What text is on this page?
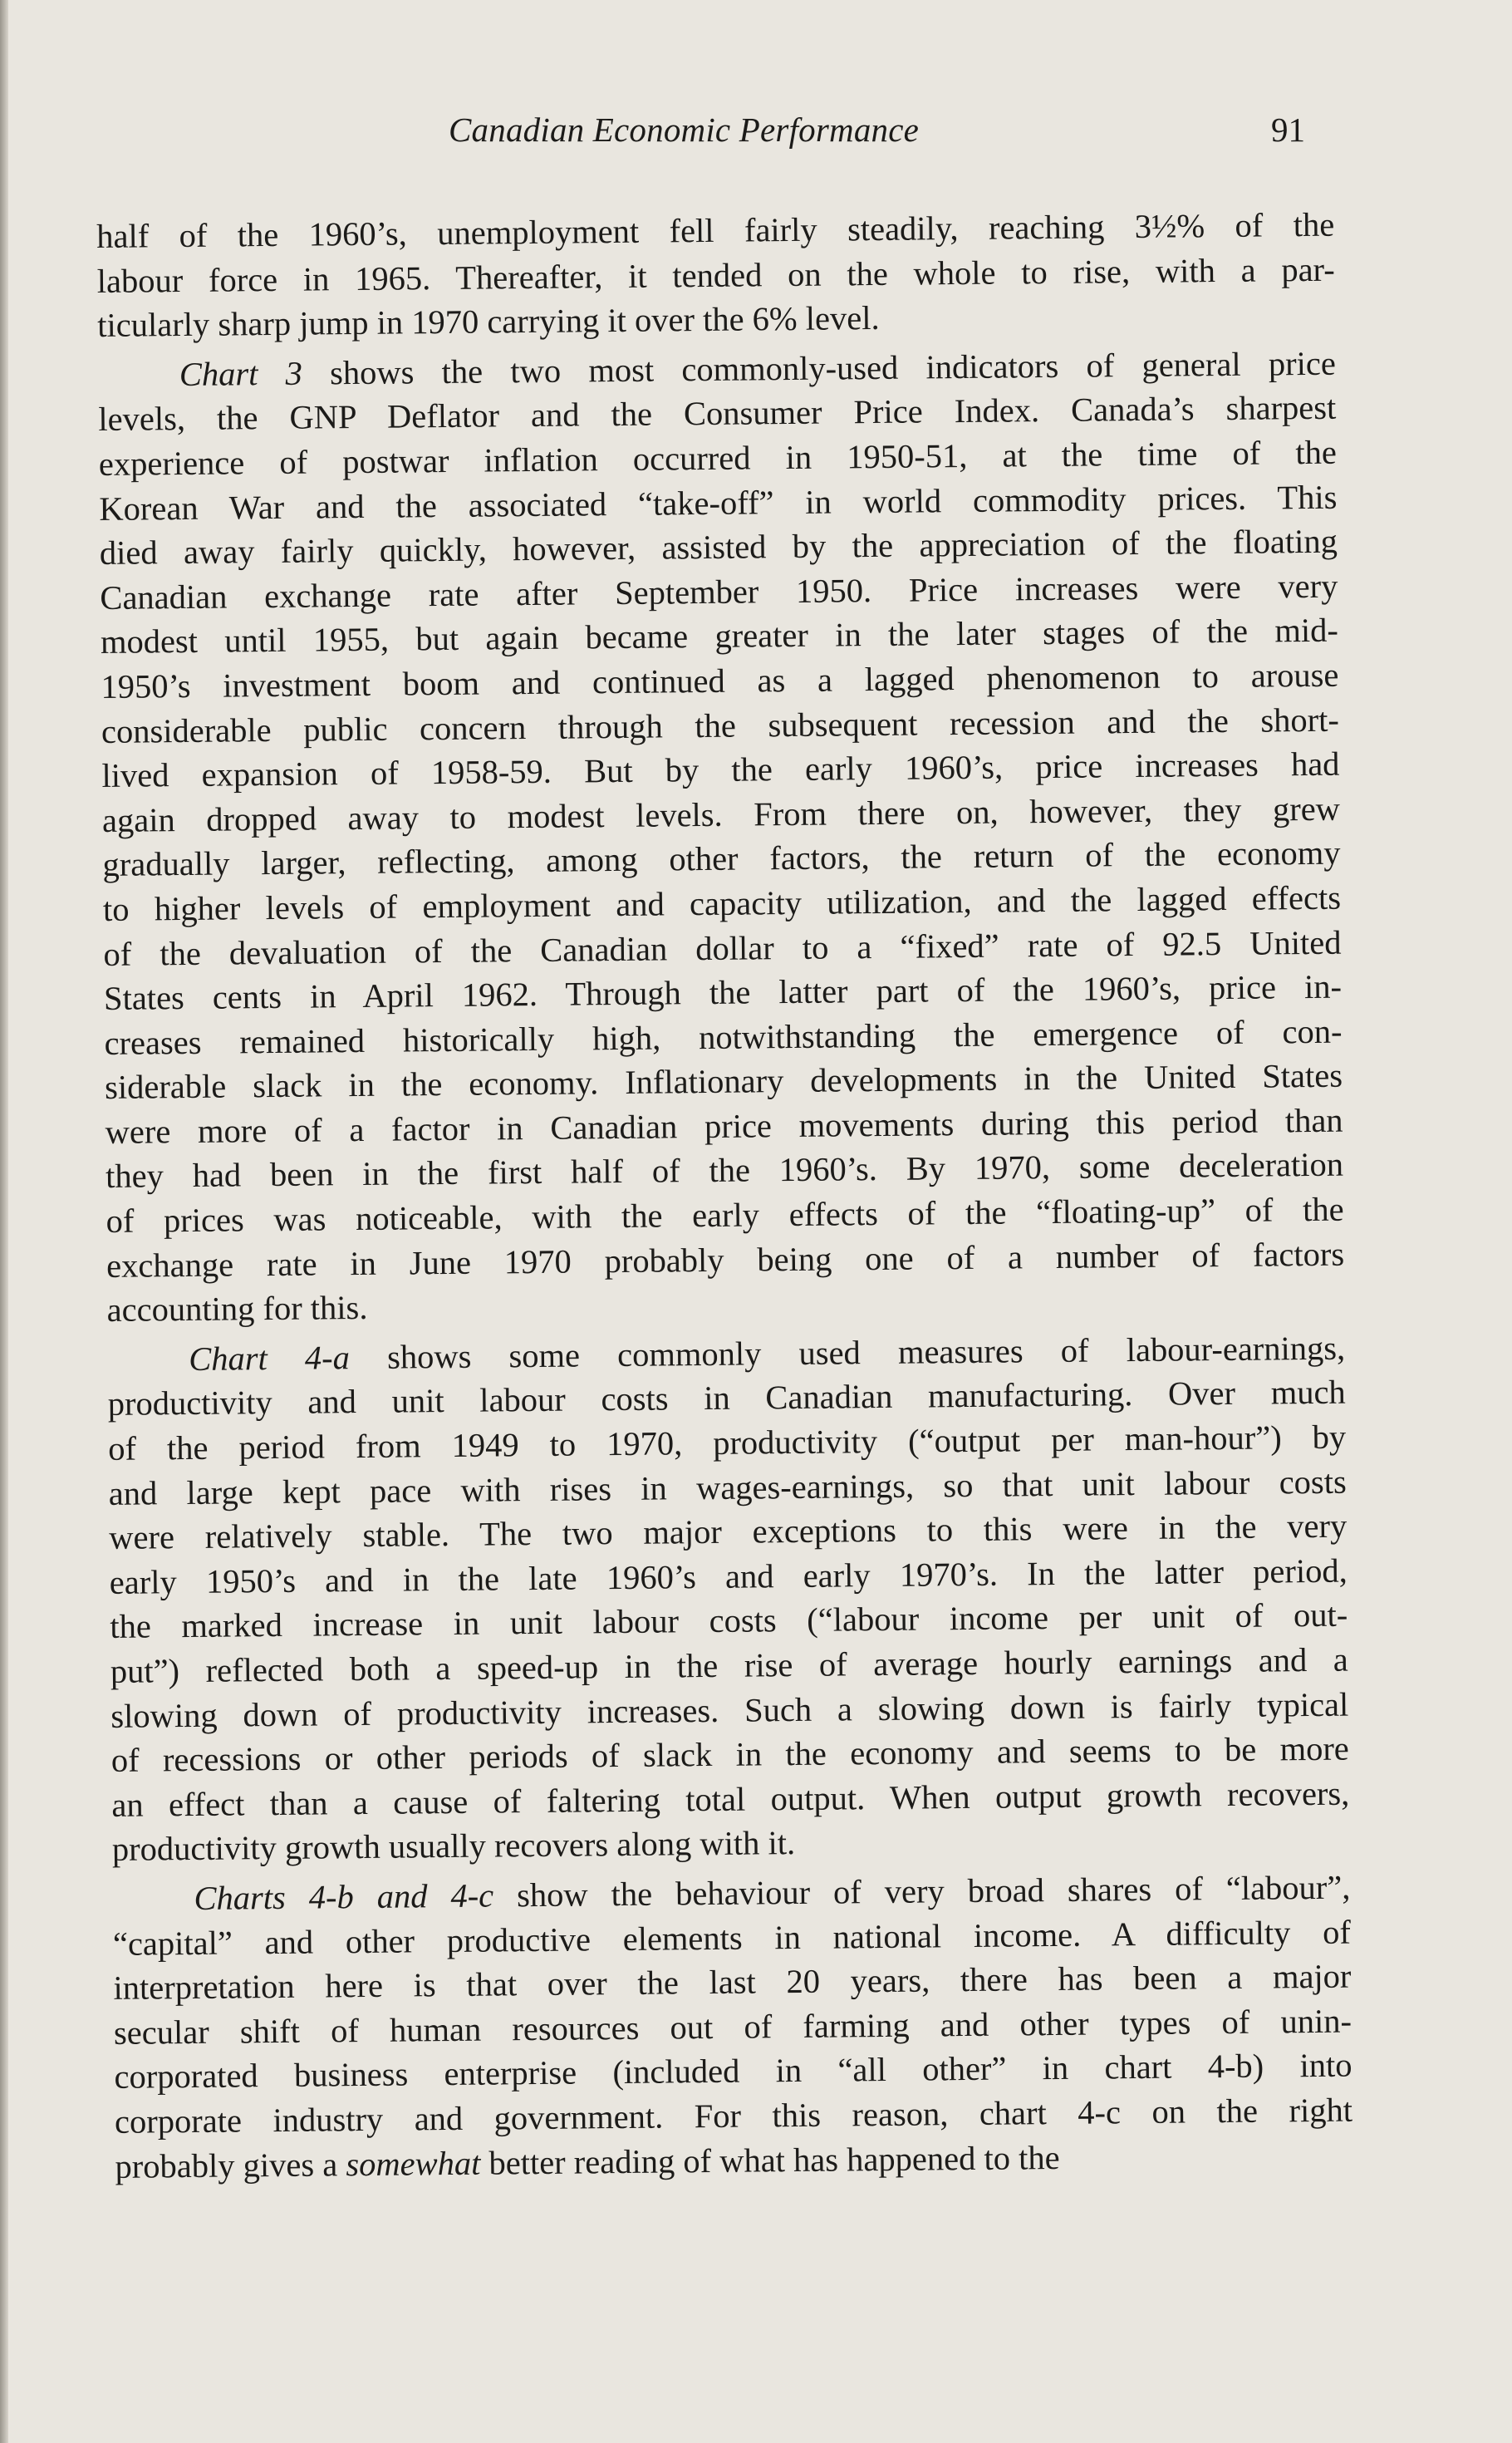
Canadian Economic Performance	91
half of the 1960’s, unemployment fell fairly steadily, reaching 3½% of the
labour force in 1965. Thereafter, it tended on the whole to rise, with a par-
ticularly sharp jump in 1970 carrying it over the 6% level.
Chart 3 shows the two most commonly-used indicators of general price
levels, the GNP Deflator and the Consumer Price Index. Canada’s sharpest
experience of postwar inflation occurred in 1950-51, at the time of the
Korean War and the associated “take-off” in world commodity prices. This
died away fairly quickly, however, assisted by the appreciation of the floating
Canadian exchange rate after September 1950. Price increases were very
modest until 1955, but again became greater in the later stages of the mid-
1950’s investment boom and continued as a lagged phenomenon to arouse
considerable public concern through the subsequent recession and the short-
lived expansion of 1958-59. But by the early 1960’s, price increases had
again dropped away to modest levels. From there on, however, they grew
gradually larger, reflecting, among other factors, the return of the economy
to higher levels of employment and capacity utilization, and the lagged effects
of the devaluation of the Canadian dollar to a “fixed” rate of 92.5 United
States cents in April 1962. Through the latter part of the 1960’s, price in-
creases remained historically high, notwithstanding the emergence of con-
siderable slack in the economy. Inflationary developments in the United States
were more of a factor in Canadian price movements during this period than
they had been in the first half of the 1960’s. By 1970, some deceleration
of prices was noticeable, with the early effects of the “floating-up” of the
exchange rate in June 1970 probably being one of a number of factors
accounting for this.
Chart 4-a shows some commonly used measures of labour-earnings,
productivity and unit labour costs in Canadian manufacturing. Over much
of the period from 1949 to 1970, productivity (“output per man-hour”) by
and large kept pace with rises in wages-earnings, so that unit labour costs
were relatively stable. The two major exceptions to this were in the very
early 1950’s and in the late 1960’s and early 1970’s. In the latter period,
the marked increase in unit labour costs (“labour income per unit of out-
put”) reflected both a speed-up in the rise of average hourly earnings and a
slowing down of productivity increases. Such a slowing down is fairly typical
of recessions or other periods of slack in the economy and seems to be more
an effect than a cause of faltering total output. When output growth recovers,
productivity growth usually recovers along with it.
Charts 4-b and 4-c show the behaviour of very broad shares of “labour”,
“capital” and other productive elements in national income. A difficulty of
interpretation here is that over the last 20 years, there has been a major
secular shift of human resources out of farming and other types of unin-
corporated business enterprise (included in “all other” in chart 4-b) into
corporate industry and government. For this reason, chart 4-c on the right
probably gives a somewhat better reading of what has happened to the
